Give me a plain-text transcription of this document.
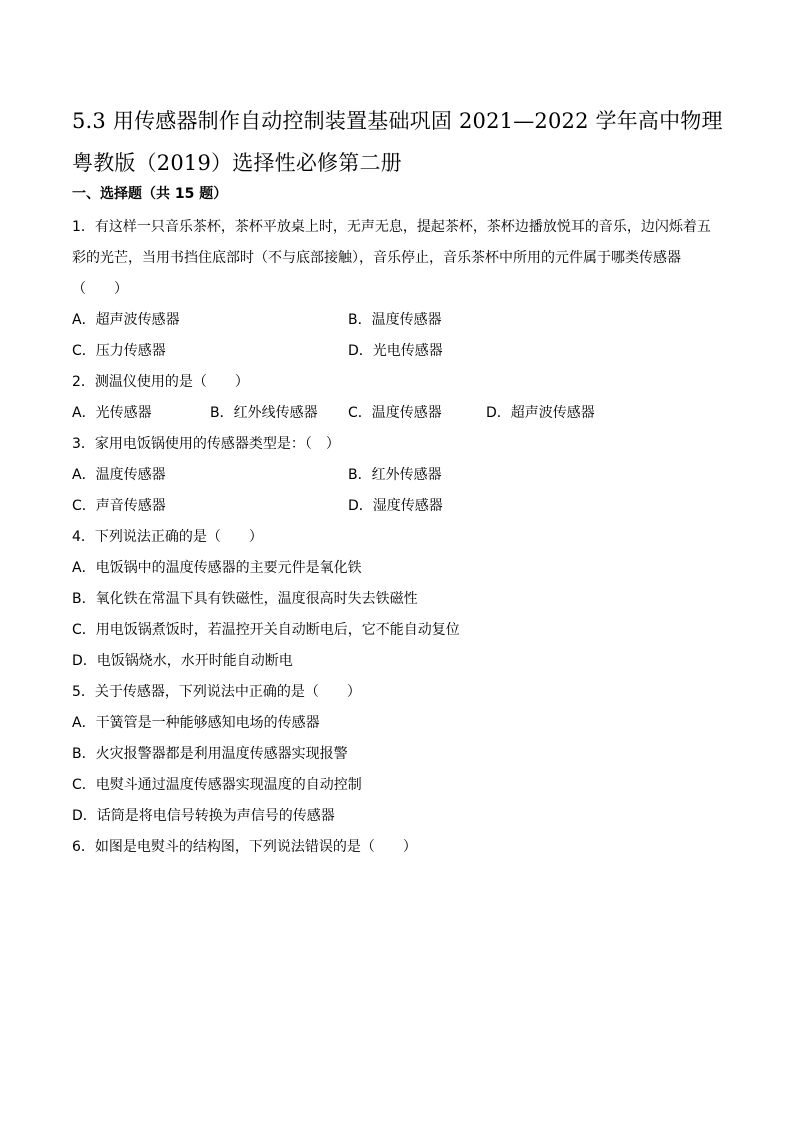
5.3 用传感器制作自动控制装置基础巩固 2021—2022 学年高中物理粤教版（2019）选择性必修第二册
一、选择题（共 15 题）
1．有这样一只音乐茶杯，茶杯平放桌上时，无声无息，提起茶杯，茶杯边播放悦耳的音乐，边闪烁着五
彩的光芒，当用书挡住底部时（不与底部接触），音乐停止，音乐茶杯中所用的元件属于哪类传感器
（　　）
A．超声波传感器	B．温度传感器
C．压力传感器	D．光电传感器
2．测温仪使用的是（　　）
A．光传感器	B．红外线传感器	C．温度传感器	D．超声波传感器
3．家用电饭锅使用的传感器类型是：（　）
A．温度传感器	B．红外传感器
C．声音传感器	D．湿度传感器
4．下列说法正确的是（　　）
A．电饭锅中的温度传感器的主要元件是氧化铁
B．氧化铁在常温下具有铁磁性，温度很高时失去铁磁性
C．用电饭锅煮饭时，若温控开关自动断电后，它不能自动复位
D．电饭锅烧水，水开时能自动断电
5．关于传感器，下列说法中正确的是（　　）
A．干簧管是一种能够感知电场的传感器
B．火灾报警器都是利用温度传感器实现报警
C．电熨斗通过温度传感器实现温度的自动控制
D．话筒是将电信号转换为声信号的传感器
6．如图是电熨斗的结构图，下列说法错误的是（　　）
